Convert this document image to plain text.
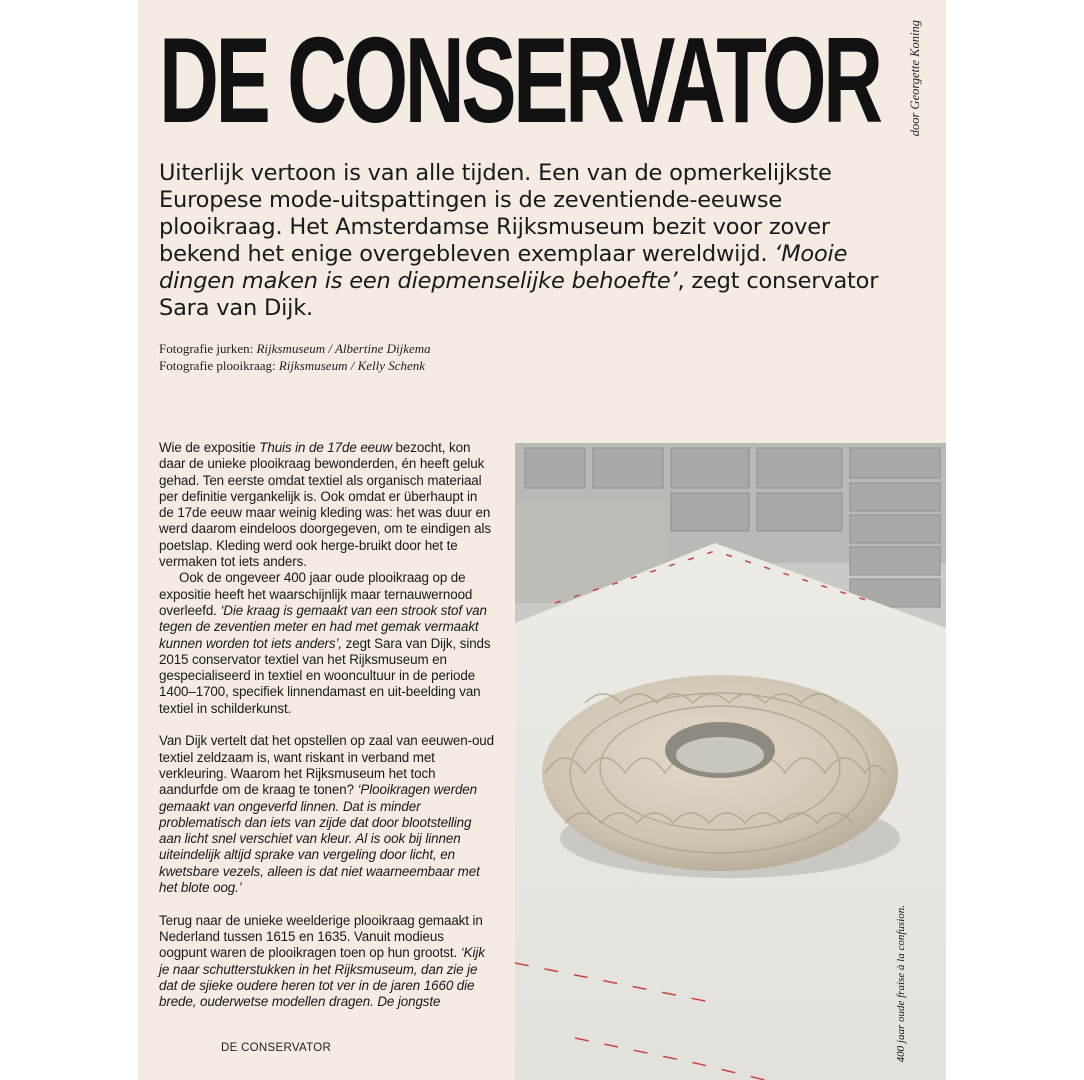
DE CONSERVATOR door Georgette Koning

Uiterlijk vertoon is van alle tijden. Een van de opmerkelijkste Europese mode-uitspattingen is de zeventiende-eeuwse plooikraag. Het Amsterdamse Rijksmuseum bezit voor zover bekend het enige overgebleven exemplaar wereldwijd. ‘Mooie dingen maken is een diepmenselijke behoefte’, zegt conservator Sara van Dijk.

Fotografie jurken: Rijksmuseum / Albertine Dijkema
Fotografie plooikraag: Rijksmuseum / Kelly Schenk

Wie de expositie Thuis in de 17de eeuw bezocht, kon daar de unieke plooikraag bewonderden, én heeft geluk gehad. Ten eerste omdat textiel als organisch materiaal per definitie vergankelijk is. Ook omdat er überhaupt in de 17de eeuw maar weinig kleding was: het was duur en werd daarom eindeloos doorgegeven, om te eindigen als poetslap. Kleding werd ook herge-bruikt door het te vermaken tot iets anders.

Ook de ongeveer 400 jaar oude plooikraag op de expositie heeft het waarschijnlijk maar ternauwernood overleefd. ‘Die kraag is gemaakt van een strook stof van tegen de zeventien meter en had met gemak vermaakt kunnen worden tot iets anders’, zegt Sara van Dijk, sinds 2015 conservator textiel van het Rijksmuseum en gespecialiseerd in textiel en wooncultuur in de periode 1400–1700, specifiek linnendamast en uit-beelding van textiel in schilderkunst.

Van Dijk vertelt dat het opstellen op zaal van eeuwen-oud textiel zeldzaam is, want riskant in verband met verkleuring. Waarom het Rijksmuseum het toch aandurfde om de kraag te tonen? ‘Plooikragen werden gemaakt van ongeverfd linnen. Dat is minder problematisch dan iets van zijde dat door blootstelling aan licht snel verschiet van kleur. Al is ook bij linnen uiteindelijk altijd sprake van vergeling door licht, en kwetsbare vezels, alleen is dat niet waarneembaar met het blote oog.’

Terug naar de unieke weelderige plooikraag gemaakt in Nederland tussen 1615 en 1635. Vanuit modieus oogpunt waren de plooikragen toen op hun grootst. ‘Kijk je naar schutterstukken in het Rijksmuseum, dan zie je dat de sjieke oudere heren tot ver in de jaren 1660 die brede, ouderwetse modellen dragen. De jongste

DE CONSERVATOR	400 jaar oude fraise à la confusion.
